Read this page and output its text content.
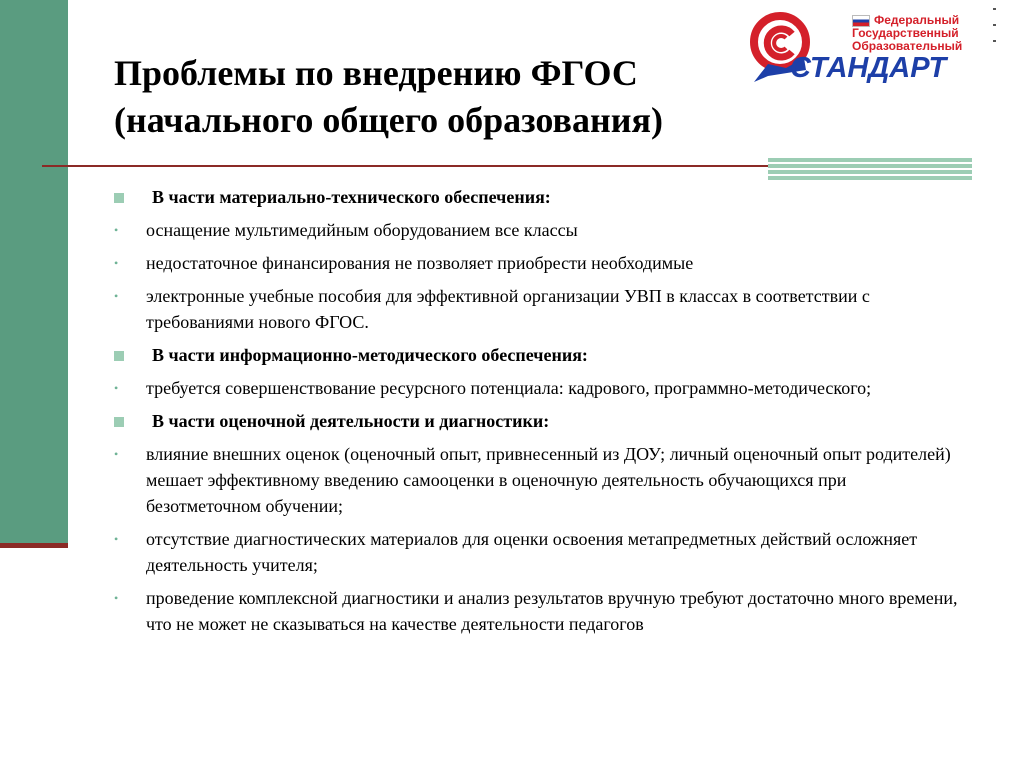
Федеральный
Государственный
Образовательный
СТАНДАРТ
Проблемы по внедрению ФГОС
(начального общего образования)
В части материально-технического обеспечения:
• оснащение мультимедийным оборудованием все классы
• недостаточное финансирования не позволяет приобрести необходимые
• электронные учебные пособия для эффективной организации УВП в классах в соответствии с требованиями нового ФГОС.
В части информационно-методического обеспечения:
• требуется совершенствование ресурсного потенциала: кадрового, программно-методического;
В части оценочной деятельности и диагностики:
• влияние внешних оценок (оценочный опыт, привнесенный из ДОУ; личный оценочный опыт родителей) мешает эффективному введению самооценки в оценочную деятельность обучающихся при безотметочном обучении;
• отсутствие диагностических материалов для оценки освоения метапредметных действий осложняет деятельность учителя;
• проведение комплексной диагностики и анализ результатов вручную требуют достаточно много времени, что не может не сказываться на качестве деятельности педагогов
